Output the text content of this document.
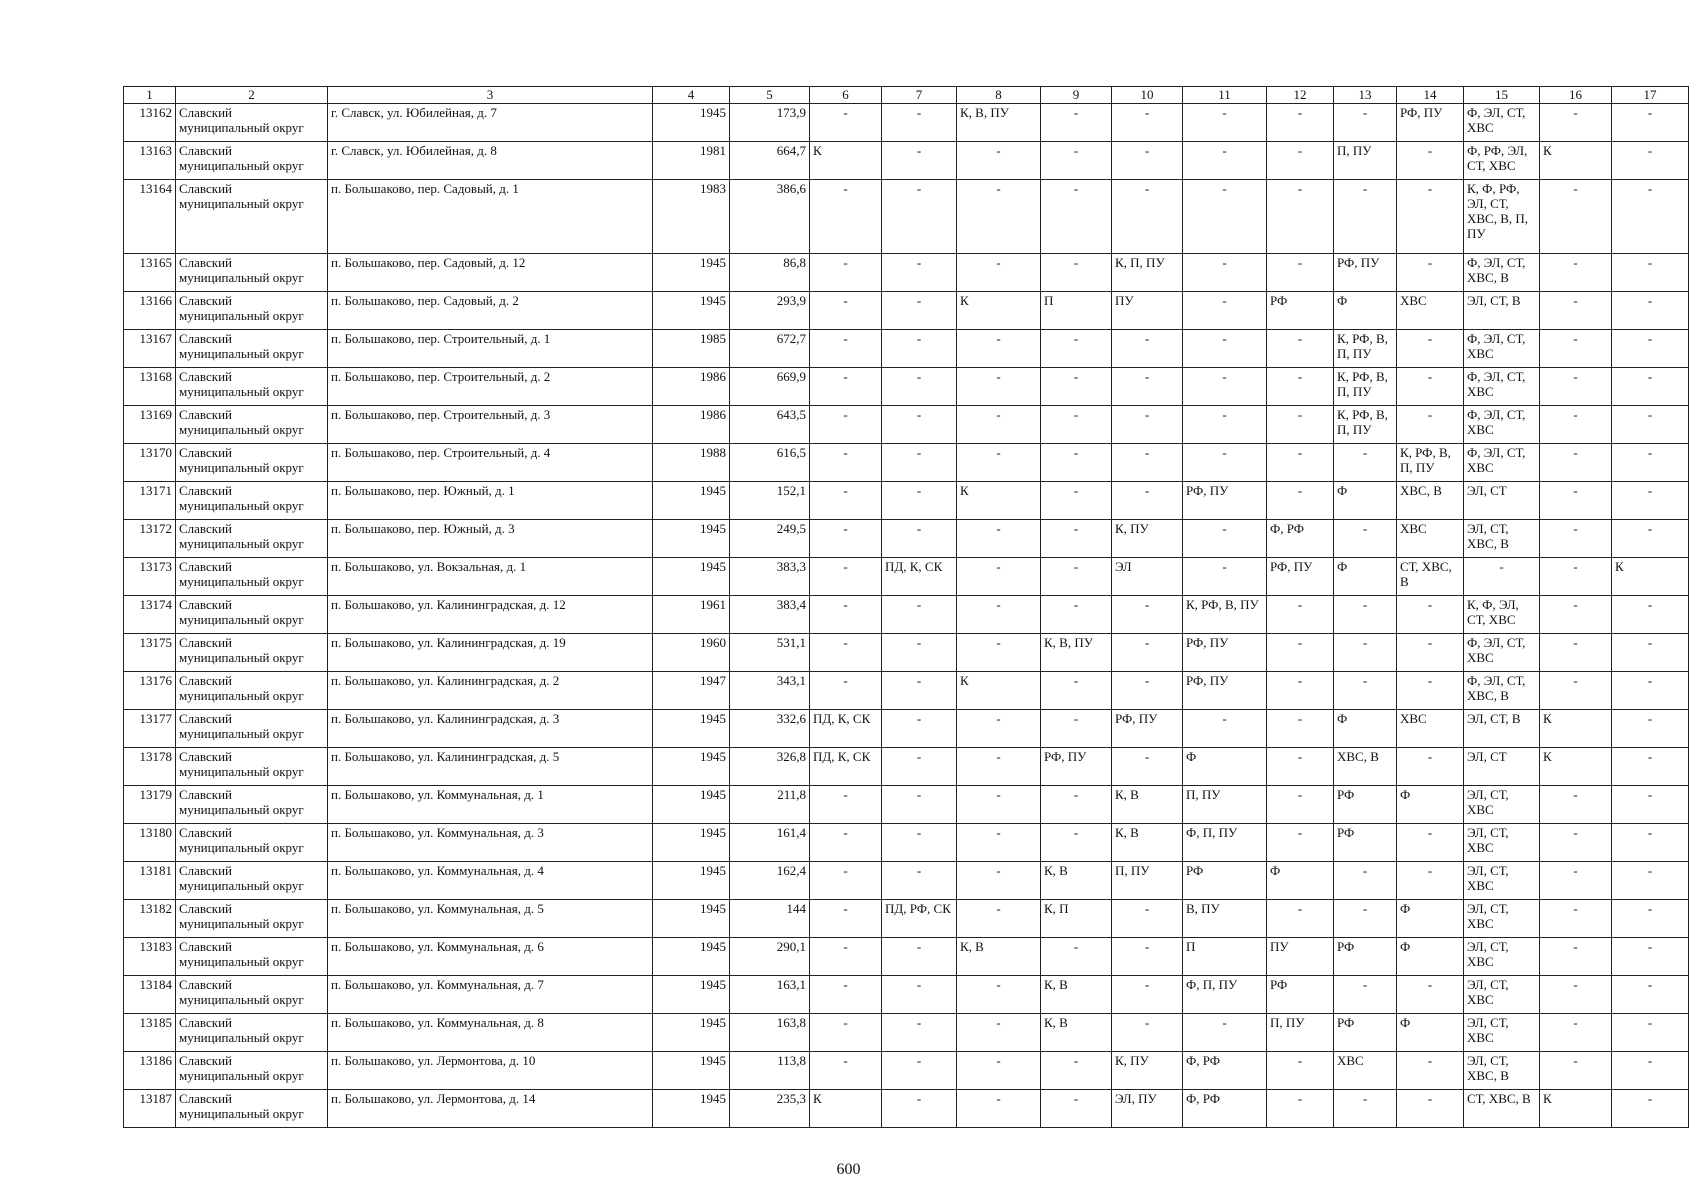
1	2	3	4	5	6	7	8	9	10	11	12	13	14	15	16	17
13162	Славский муниципальный округ	г. Славск, ул. Юбилейная, д. 7	1945	173,9	-	-	К, В, ПУ	-	-	-	-	-	РФ, ПУ	Ф, ЭЛ, СТ, ХВС	-	-
13163	Славский муниципальный округ	г. Славск, ул. Юбилейная, д. 8	1981	664,7	К	-	-	-	-	-	-	П, ПУ	-	Ф, РФ, ЭЛ, СТ, ХВС	К	-
13164	Славский муниципальный округ	п. Большаково, пер. Садовый, д. 1	1983	386,6	-	-	-	-	-	-	-	-	-	К, Ф, РФ, ЭЛ, СТ, ХВС, В, П, ПУ	-	-
13165	Славский муниципальный округ	п. Большаково, пер. Садовый, д. 12	1945	86,8	-	-	-	-	К, П, ПУ	-	-	РФ, ПУ	-	Ф, ЭЛ, СТ, ХВС, В	-	-
13166	Славский муниципальный округ	п. Большаково, пер. Садовый, д. 2	1945	293,9	-	-	К	П	ПУ	-	РФ	Ф	ХВС	ЭЛ, СТ, В	-	-
13167	Славский муниципальный округ	п. Большаково, пер. Строительный, д. 1	1985	672,7	-	-	-	-	-	-	-	К, РФ, В, П, ПУ	-	Ф, ЭЛ, СТ, ХВС	-	-
13168	Славский муниципальный округ	п. Большаково, пер. Строительный, д. 2	1986	669,9	-	-	-	-	-	-	-	К, РФ, В, П, ПУ	-	Ф, ЭЛ, СТ, ХВС	-	-
13169	Славский муниципальный округ	п. Большаково, пер. Строительный, д. 3	1986	643,5	-	-	-	-	-	-	-	К, РФ, В, П, ПУ	-	Ф, ЭЛ, СТ, ХВС	-	-
13170	Славский муниципальный округ	п. Большаково, пер. Строительный, д. 4	1988	616,5	-	-	-	-	-	-	-	-	К, РФ, В, П, ПУ	Ф, ЭЛ, СТ, ХВС	-	-
13171	Славский муниципальный округ	п. Большаково, пер. Южный, д. 1	1945	152,1	-	-	К	-	-	РФ, ПУ	-	Ф	ХВС, В	ЭЛ, СТ	-	-
13172	Славский муниципальный округ	п. Большаково, пер. Южный, д. 3	1945	249,5	-	-	-	-	К, ПУ	-	Ф, РФ	-	ХВС	ЭЛ, СТ, ХВС, В	-	-
13173	Славский муниципальный округ	п. Большаково, ул. Вокзальная, д. 1	1945	383,3	-	ПД, К, СК	-	-	ЭЛ	-	РФ, ПУ	Ф	СТ, ХВС, В	-	-	К
13174	Славский муниципальный округ	п. Большаково, ул. Калининградская, д. 12	1961	383,4	-	-	-	-	-	К, РФ, В, ПУ	-	-	-	К, Ф, ЭЛ, СТ, ХВС	-	-
13175	Славский муниципальный округ	п. Большаково, ул. Калининградская, д. 19	1960	531,1	-	-	-	К, В, ПУ	-	РФ, ПУ	-	-	-	Ф, ЭЛ, СТ, ХВС	-	-
13176	Славский муниципальный округ	п. Большаково, ул. Калининградская, д. 2	1947	343,1	-	-	К	-	-	РФ, ПУ	-	-	-	Ф, ЭЛ, СТ, ХВС, В	-	-
13177	Славский муниципальный округ	п. Большаково, ул. Калининградская, д. 3	1945	332,6	ПД, К, СК	-	-	-	РФ, ПУ	-	-	Ф	ХВС	ЭЛ, СТ, В	К	-
13178	Славский муниципальный округ	п. Большаково, ул. Калининградская, д. 5	1945	326,8	ПД, К, СК	-	-	РФ, ПУ	-	Ф	-	ХВС, В	-	ЭЛ, СТ	К	-
13179	Славский муниципальный округ	п. Большаково, ул. Коммунальная, д. 1	1945	211,8	-	-	-	-	К, В	П, ПУ	-	РФ	Ф	ЭЛ, СТ, ХВС	-	-
13180	Славский муниципальный округ	п. Большаково, ул. Коммунальная, д. 3	1945	161,4	-	-	-	-	К, В	Ф, П, ПУ	-	РФ	-	ЭЛ, СТ, ХВС	-	-
13181	Славский муниципальный округ	п. Большаково, ул. Коммунальная, д. 4	1945	162,4	-	-	-	К, В	П, ПУ	РФ	Ф	-	-	ЭЛ, СТ, ХВС	-	-
13182	Славский муниципальный округ	п. Большаково, ул. Коммунальная, д. 5	1945	144	-	ПД, РФ, СК	-	К, П	-	В, ПУ	-	-	Ф	ЭЛ, СТ, ХВС	-	-
13183	Славский муниципальный округ	п. Большаково, ул. Коммунальная, д. 6	1945	290,1	-	-	К, В	-	-	П	ПУ	РФ	Ф	ЭЛ, СТ, ХВС	-	-
13184	Славский муниципальный округ	п. Большаково, ул. Коммунальная, д. 7	1945	163,1	-	-	-	К, В	-	Ф, П, ПУ	РФ	-	-	ЭЛ, СТ, ХВС	-	-
13185	Славский муниципальный округ	п. Большаково, ул. Коммунальная, д. 8	1945	163,8	-	-	-	К, В	-	-	П, ПУ	РФ	Ф	ЭЛ, СТ, ХВС	-	-
13186	Славский муниципальный округ	п. Большаково, ул. Лермонтова, д. 10	1945	113,8	-	-	-	-	К, ПУ	Ф, РФ	-	ХВС	-	ЭЛ, СТ, ХВС, В	-	-
13187	Славский муниципальный округ	п. Большаково, ул. Лермонтова, д. 14	1945	235,3	К	-	-	-	ЭЛ, ПУ	Ф, РФ	-	-	-	СТ, ХВС, В	К	-
600
